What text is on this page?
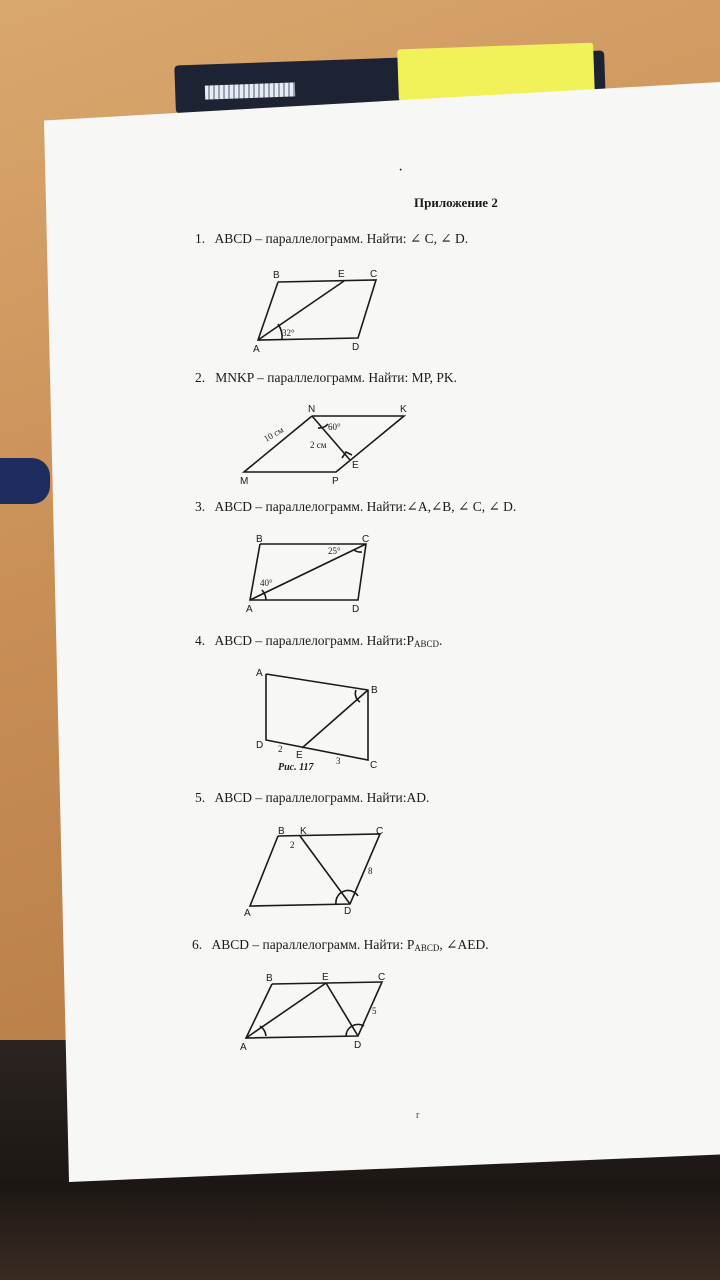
·
Приложение 2
1. ABCD – параллелограмм. Найти: ∠ C, ∠ D.
B	E	C
A	D
32°
2. MNKP – параллелограмм. Найти: MP, PK.
N	K
M	P
E
60°
2 см
10 см
3. ABCD – параллелограмм. Найти:∠A,∠B, ∠ C, ∠ D.
B	C
A	D
40°
25°
4. ABCD – параллелограмм. $Найти:P_{ABCD}$.
A
B
D
E
C
2
3
Рис. 117
5. ABCD – параллелограмм. Найти:AD.
B K	C
A	D
2
8
6. ABCD – параллелограмм. Найти: $P_{ABCD}$, ∠AED.
B	E	C
A	D
5
r
